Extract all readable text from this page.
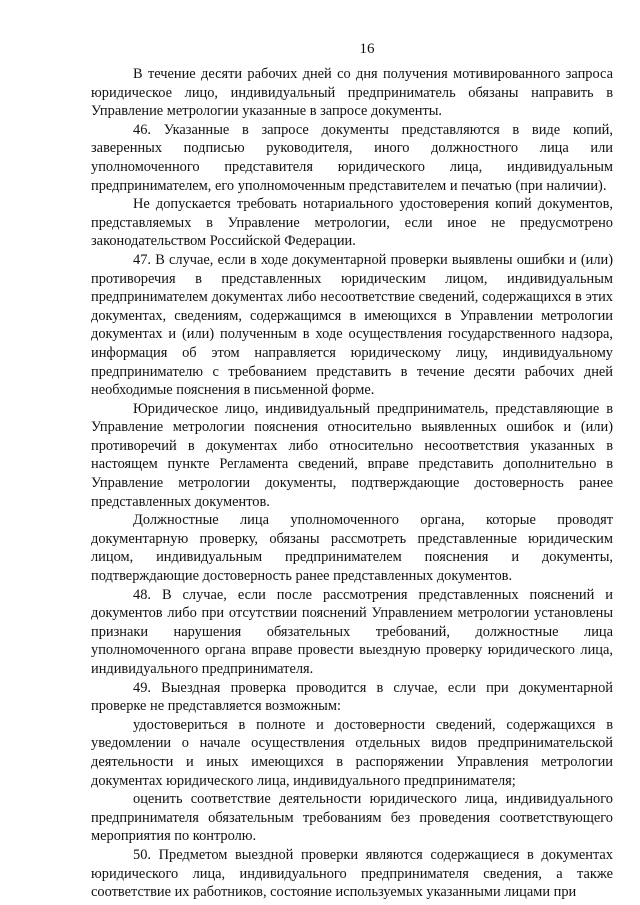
16

В течение десяти рабочих дней со дня получения мотивированного запроса юридическое лицо, индивидуальный предприниматель обязаны направить в Управление метрологии указанные в запросе документы.

46. Указанные в запросе документы представляются в виде копий, заверенных подписью руководителя, иного должностного лица или уполномоченного представителя юридического лица, индивидуальным предпринимателем, его уполномоченным представителем и печатью (при наличии).

Не допускается требовать нотариального удостоверения копий документов, представляемых в Управление метрологии, если иное не предусмотрено законодательством Российской Федерации.

47. В случае, если в ходе документарной проверки выявлены ошибки и (или) противоречия в представленных юридическим лицом, индивидуальным предпринимателем документах либо несоответствие сведений, содержащихся в этих документах, сведениям, содержащимся в имеющихся в Управлении метрологии документах и (или) полученным в ходе осуществления государственного надзора, информация об этом направляется юридическому лицу, индивидуальному предпринимателю с требованием представить в течение десяти рабочих дней необходимые пояснения в письменной форме.

Юридическое лицо, индивидуальный предприниматель, представляющие в Управление метрологии пояснения относительно выявленных ошибок и (или) противоречий в документах либо относительно несоответствия указанных в настоящем пункте Регламента сведений, вправе представить дополнительно в Управление метрологии документы, подтверждающие достоверность ранее представленных документов.

Должностные лица уполномоченного органа, которые проводят документарную проверку, обязаны рассмотреть представленные юридическим лицом, индивидуальным предпринимателем пояснения и документы, подтверждающие достоверность ранее представленных документов.

48. В случае, если после рассмотрения представленных пояснений и документов либо при отсутствии пояснений Управлением метрологии установлены признаки нарушения обязательных требований, должностные лица уполномоченного органа вправе провести выездную проверку юридического лица, индивидуального предпринимателя.

49. Выездная проверка проводится в случае, если при документарной проверке не представляется возможным:

удостовериться в полноте и достоверности сведений, содержащихся в уведомлении о начале осуществления отдельных видов предпринимательской деятельности и иных имеющихся в распоряжении Управления метрологии документах юридического лица, индивидуального предпринимателя;

оценить соответствие деятельности юридического лица, индивидуального предпринимателя обязательным требованиям без проведения соответствующего мероприятия по контролю.

50. Предметом выездной проверки являются содержащиеся в документах юридического лица, индивидуального предпринимателя сведения, а также соответствие их работников, состояние используемых указанными лицами при
